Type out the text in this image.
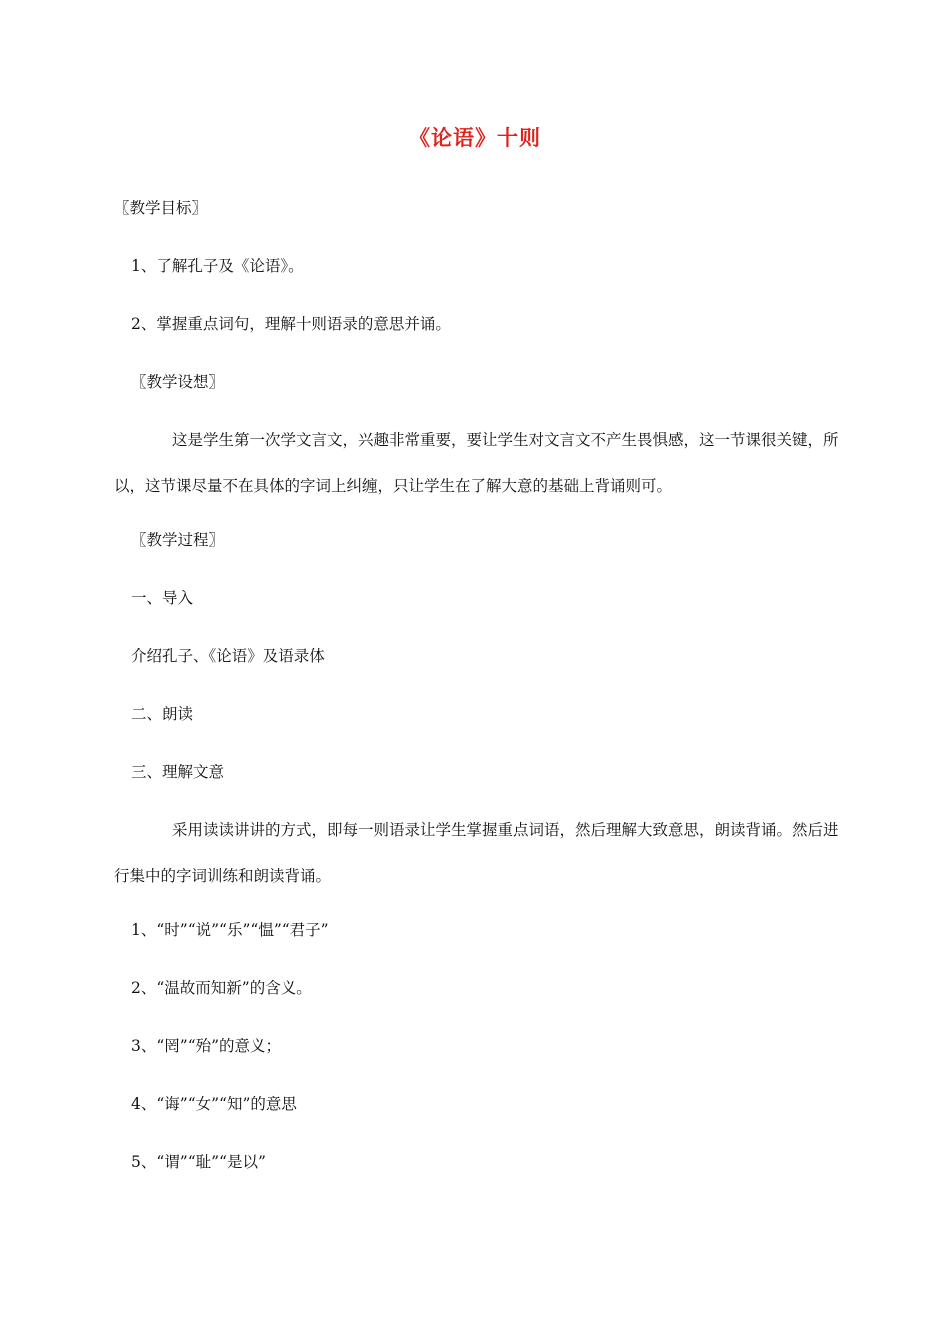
《论语》十则
〖教学目标〗
1、了解孔子及《论语》。
2、掌握重点词句，理解十则语录的意思并诵。
〖教学设想〗
这是学生第一次学文言文，兴趣非常重要，要让学生对文言文不产生畏惧感，这一节课很关键，所以，这节课尽量不在具体的字词上纠缠，只让学生在了解大意的基础上背诵则可。
〖教学过程〗
一、导入
介绍孔子、《论语》及语录体
二、朗读
三、理解文意
采用读读讲讲的方式，即每一则语录让学生掌握重点词语，然后理解大致意思，朗读背诵。然后进行集中的字词训练和朗读背诵。
1、“时”“说”“乐”“愠”“君子”
2、“温故而知新”的含义。
3、“罔”“殆”的意义；
4、“诲”“女”“知”的意思
5、“谓”“耻”“是以”
